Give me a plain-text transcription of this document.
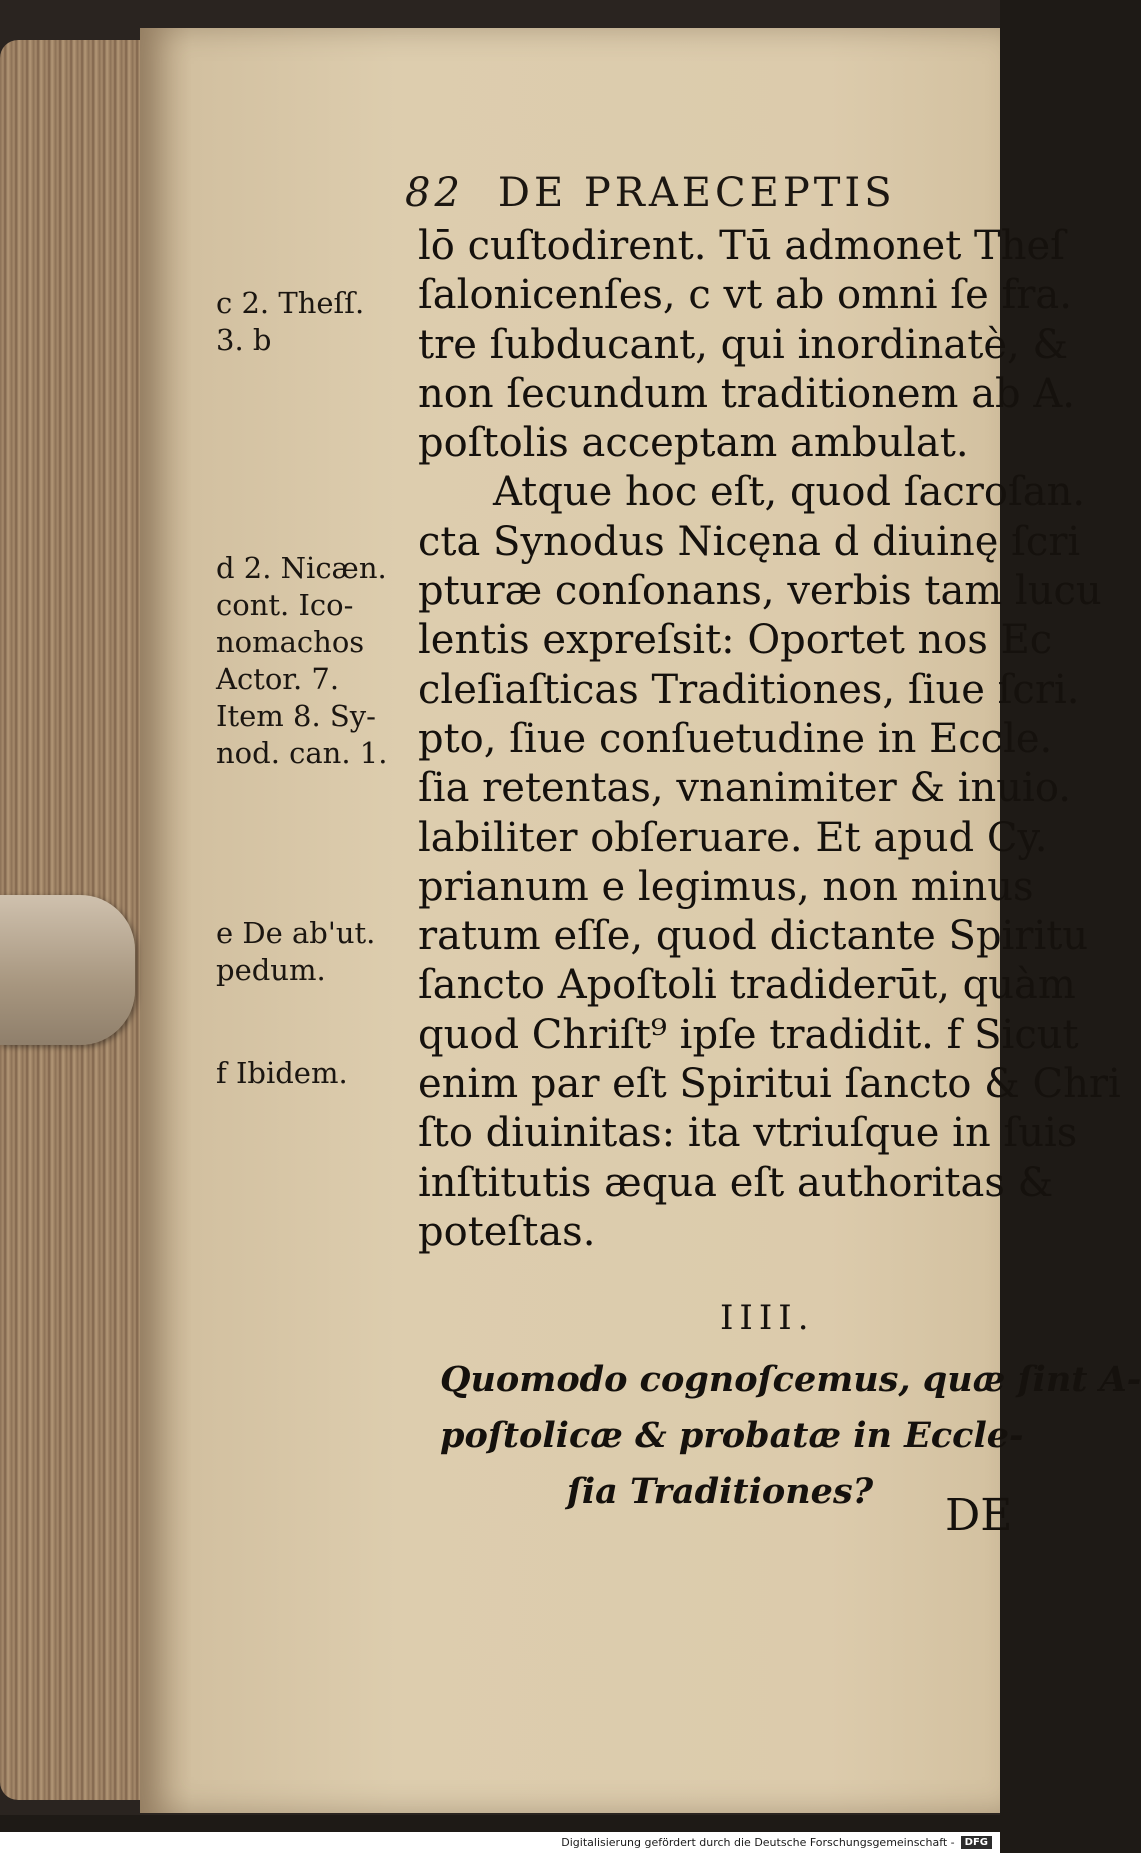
82 DE PRAECEPTIS
lō cuſtodirent. Tū admonet Theſ
ſalonicenſes, c vt ab omni ſe fra.
tre ſubducant, qui inordinatè, &
non ſecundum traditionem ab A.
poſtolis acceptam ambulat.
Atque hoc eſt, quod ſacroſan.
cta Synodus Nicęna d diuinę ſcri
pturæ conſonans, verbis tam lucu
lentis expreſsit: Oportet nos Ec
cleſiaſticas Traditiones, ſiue ſcri.
pto, ſiue conſuetudine in Eccle.
ſia retentas, vnanimiter & inuio.
labiliter obſeruare. Et apud Cy.
prianum e legimus, non minus
ratum eſſe, quod dictante Spiritu
ſancto Apoſtoli tradiderūt, quàm
quod Chriſt⁹ ipſe tradidit. f Sicut
enim par eſt Spiritui ſancto & Chri
ſto diuinitas: ita vtriuſque in ſuis
inſtitutis æqua eſt authoritas &
poteſtas.
c 2. Theſſ.
3. b
d 2. Nicæn.
cont. Ico-
nomachos
Actor. 7.
Item 8. Sy-
nod. can. 1.
e De ab'ut.
pedum.
f Ibidem.
IIII.
Quomodo cognoſcemus, quæ ſint A-
poſtolicæ & probatæ in Eccle-
ſia Traditiones?	DE
Digitalisierung gefördert durch die Deutsche Forschungsgemeinschaft -	DFG
